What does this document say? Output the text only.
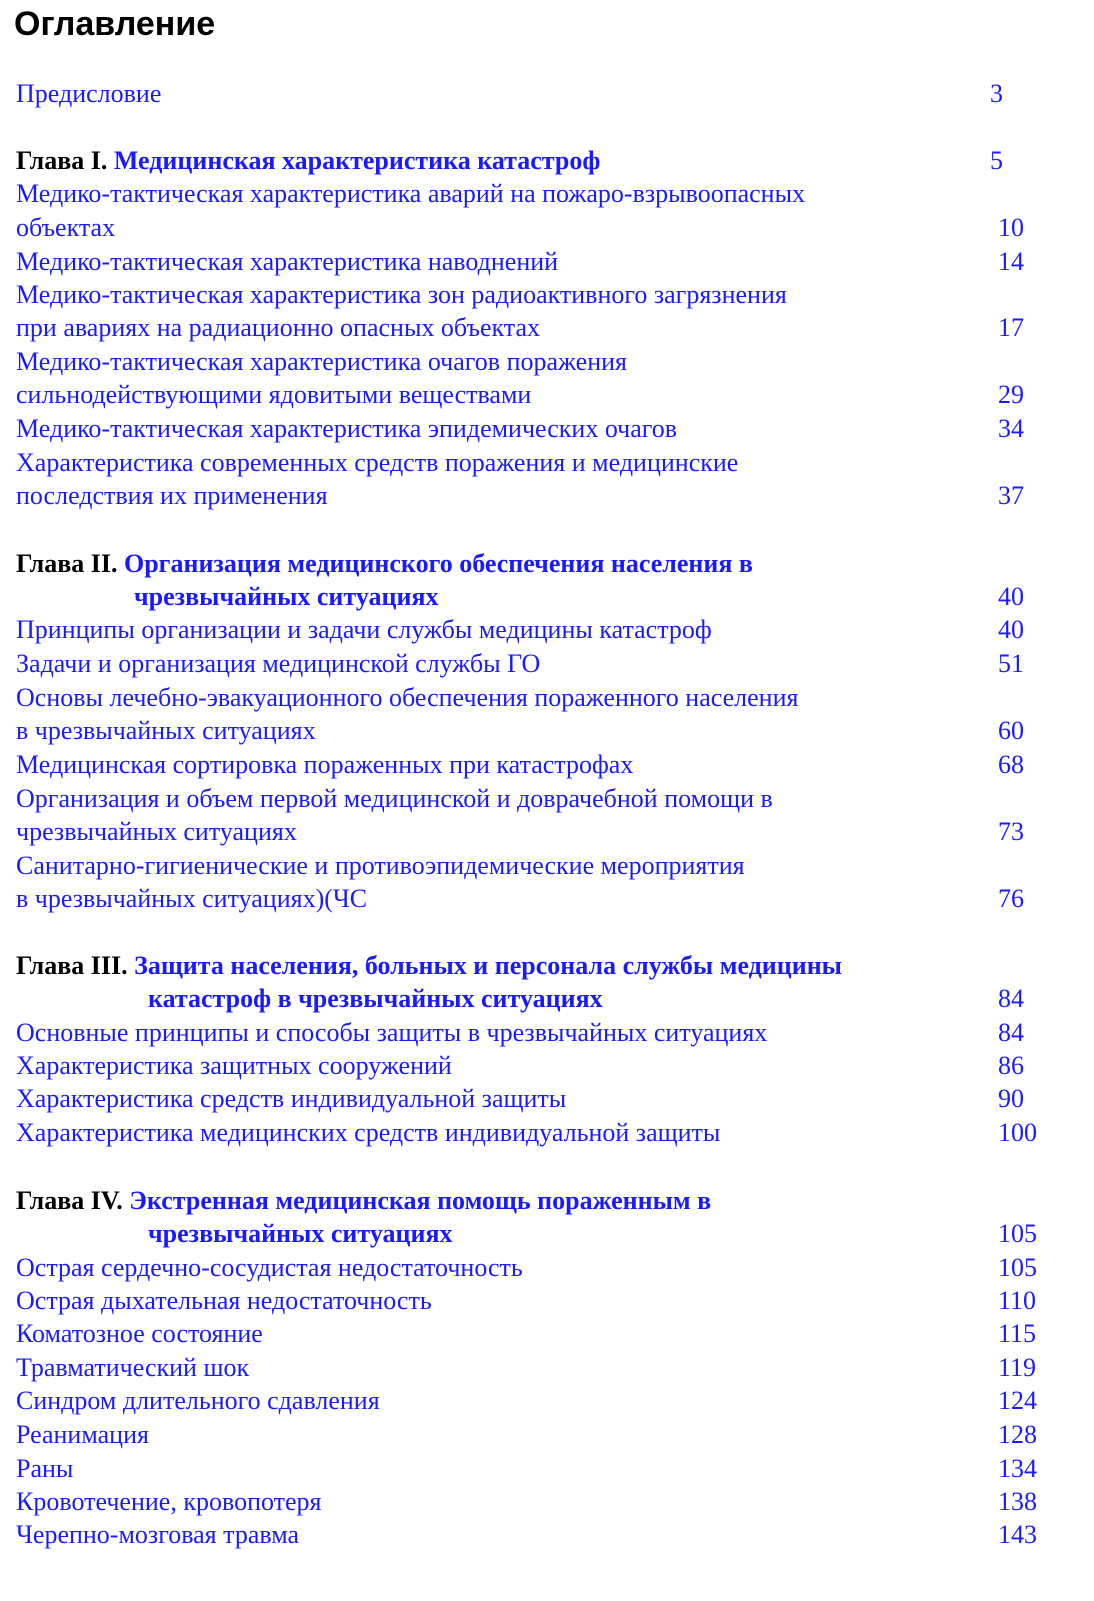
Оглавление
Предисловие	3
Глава I. Медицинская характеристика катастроф	5
Медико-тактическая характеристика аварий на пожаро-взрывоопасных
объектах	10
Медико-тактическая характеристика наводнений	14
Медико-тактическая характеристика зон радиоактивного загрязнения
при авариях на радиационно опасных объектах	17
Медико-тактическая характеристика очагов поражения
сильнодействующими ядовитыми веществами	29
Медико-тактическая характеристика эпидемических очагов	34
Характеристика современных средств поражения и медицинские
последствия их применения	37
Глава II. Организация медицинского обеспечения населения в
чрезвычайных ситуациях	40
Принципы организации и задачи службы медицины катастроф	40
Задачи и организация медицинской службы ГО	51
Основы лечебно-эвакуационного обеспечения пораженного населения
в чрезвычайных ситуациях	60
Медицинская сортировка пораженных при катастрофах	68
Организация и объем первой медицинской и доврачебной помощи в
чрезвычайных ситуациях	73
Санитарно-гигиенические и противоэпидемические мероприятия
в чрезвычайных ситуациях)(ЧС	76
Глава III. Защита населения, больных и персонала службы медицины
катастроф в чрезвычайных ситуациях	84
Основные принципы и способы защиты в чрезвычайных ситуациях	84
Характеристика защитных сооружений	86
Характеристика средств индивидуальной защиты	90
Характеристика медицинских средств индивидуальной защиты	100
Глава IV. Экстренная медицинская помощь пораженным в
чрезвычайных ситуациях	105
Острая сердечно-сосудистая недостаточность	105
Острая дыхательная недостаточность	110
Коматозное состояние	115
Травматический шок	119
Синдром длительного сдавления	124
Реанимация	128
Раны	134
Кровотечение, кровопотеря	138
Черепно-мозговая травма	143
